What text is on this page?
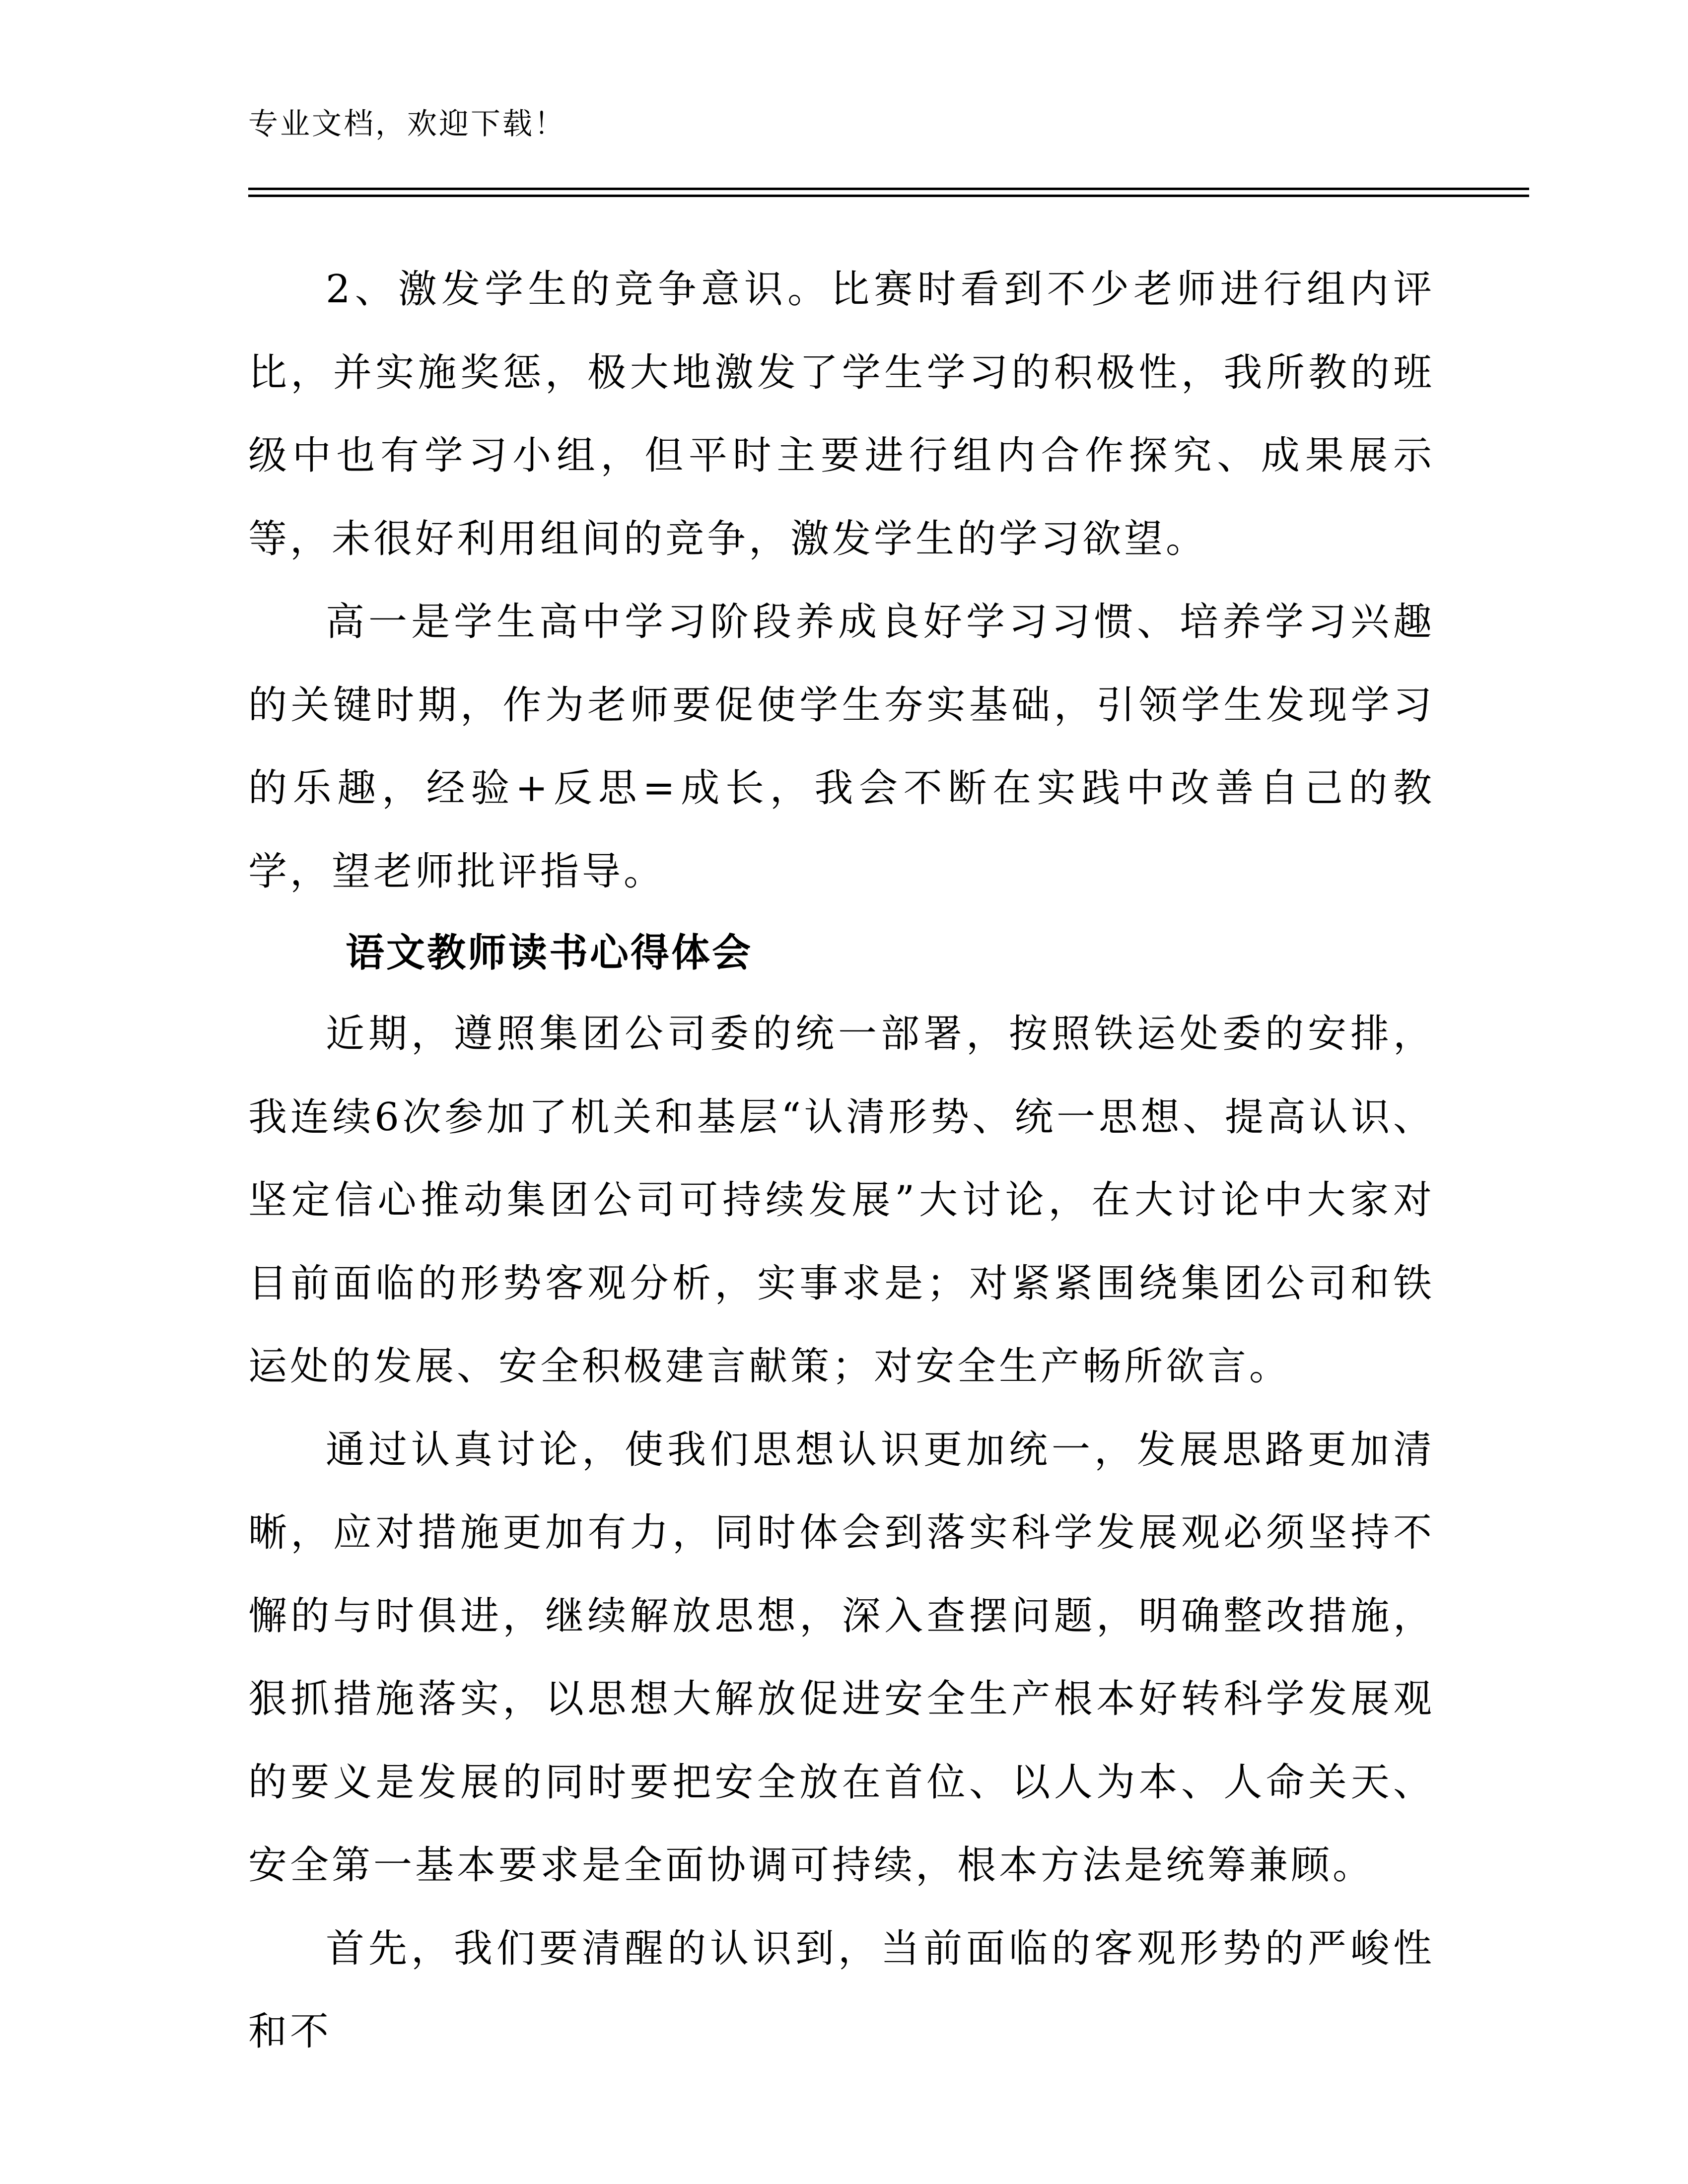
专业文档，欢迎下载！

2、激发学生的竞争意识。比赛时看到不少老师进行组内评比，并实施奖惩，极大地激发了学生学习的积极性，我所教的班级中也有学习小组，但平时主要进行组内合作探究、成果展示等，未很好利用组间的竞争，激发学生的学习欲望。

高一是学生高中学习阶段养成良好学习习惯、培养学习兴趣的关键时期，作为老师要促使学生夯实基础，引领学生发现学习的乐趣，经验+反思=成长，我会不断在实践中改善自己的教学，望老师批评指导。

语文教师读书心得体会

近期，遵照集团公司委的统一部署，按照铁运处委的安排，我连续6次参加了机关和基层“认清形势、统一思想、提高认识、坚定信心推动集团公司可持续发展”大讨论，在大讨论中大家对目前面临的形势客观分析，实事求是；对紧紧围绕集团公司和铁运处的发展、安全积极建言献策；对安全生产畅所欲言。

通过认真讨论，使我们思想认识更加统一，发展思路更加清晰，应对措施更加有力，同时体会到落实科学发展观必须坚持不懈的与时俱进，继续解放思想，深入查摆问题，明确整改措施，狠抓措施落实，以思想大解放促进安全生产根本好转科学发展观的要义是发展的同时要把安全放在首位、以人为本、人命关天、安全第一基本要求是全面协调可持续，根本方法是统筹兼顾。

首先，我们要清醒的认识到，当前面临的客观形势的严峻性和不
